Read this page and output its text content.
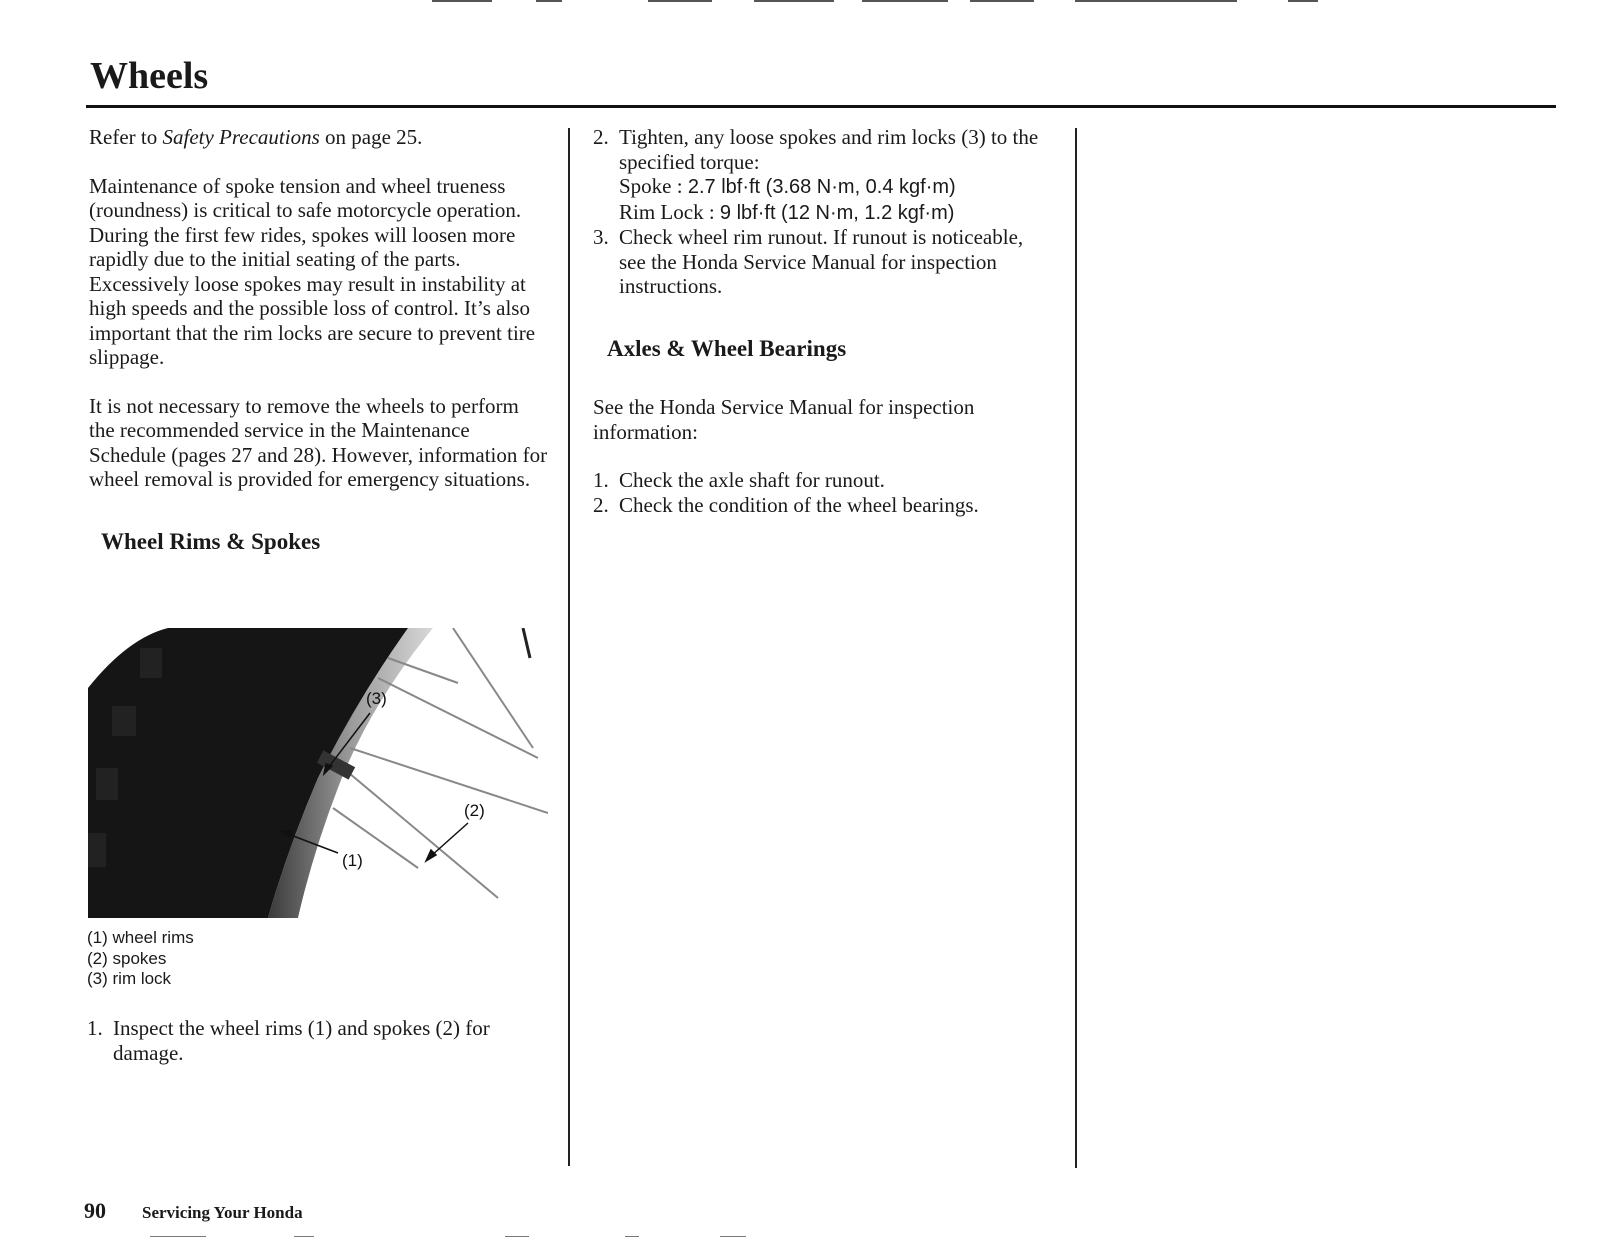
Wheels

Refer to Safety Precautions on page 25.

Maintenance of spoke tension and wheel trueness (roundness) is critical to safe motorcycle operation. During the first few rides, spokes will loosen more rapidly due to the initial seating of the parts. Excessively loose spokes may result in instability at high speeds and the possible loss of control. It’s also important that the rim locks are secure to prevent tire slippage.

It is not necessary to remove the wheels to perform the recommended service in the Maintenance Schedule (pages 27 and 28). However, information for wheel removal is provided for emergency situations.

Wheel Rims & Spokes

(3)
(2)
(1)
(1) wheel rims
(2) spokes
(3) rim lock
1. Inspect the wheel rims (1) and spokes (2) for damage.
2. Tighten, any loose spokes and rim locks (3) to the specified torque:
Spoke : 2.7 lbf·ft (3.68 N·m, 0.4 kgf·m)
Rim Lock : 9 lbf·ft (12 N·m, 1.2 kgf·m)
3. Check wheel rim runout. If runout is noticeable, see the Honda Service Manual for inspection instructions.

Axles & Wheel Bearings

See the Honda Service Manual for inspection information:

1. Check the axle shaft for runout.
2. Check the condition of the wheel bearings.
90 Servicing Your Honda
